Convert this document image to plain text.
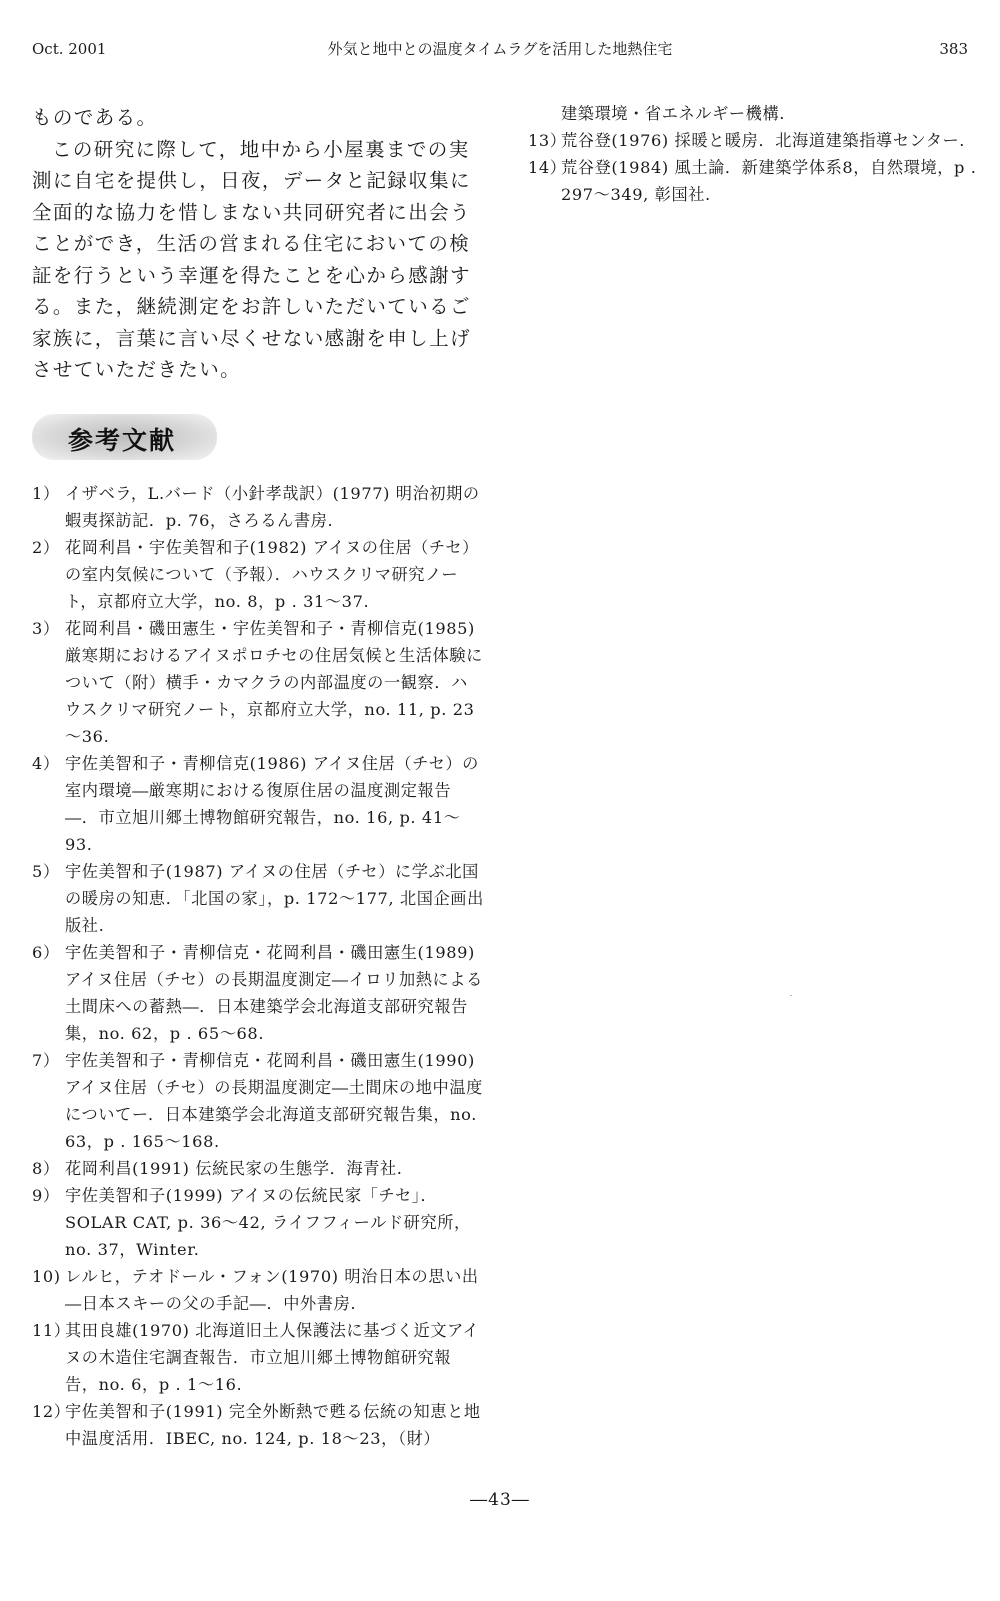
Oct. 2001	外気と地中との温度タイムラグを活用した地熱住宅	383

ものである。

この研究に際して，地中から小屋裏までの実測に自宅を提供し，日夜，データと記録収集に全面的な協力を惜しまない共同研究者に出会うことができ，生活の営まれる住宅においての検証を行うという幸運を得たことを心から感謝する。また，継続測定をお許しいただいているご家族に，言葉に言い尽くせない感謝を申し上げさせていただきたい。

参考文献
1） イザベラ，L.バード（小針孝哉訳）(1977) 明治初期の蝦夷探訪記．p. 76，さろるん書房.
2） 花岡利昌・宇佐美智和子(1982) アイヌの住居（チセ）の室内気候について（予報）．ハウスクリマ研究ノート，京都府立大学，no. 8，p . 31～37.
3） 花岡利昌・磯田憲生・宇佐美智和子・青柳信克(1985) 厳寒期におけるアイヌポロチセの住居気候と生活体験について（附）横手・カマクラの内部温度の一観察．ハウスクリマ研究ノート，京都府立大学，no. 11, p. 23～36.
4） 宇佐美智和子・青柳信克(1986) アイヌ住居（チセ）の室内環境―厳寒期における復原住居の温度測定報告―．市立旭川郷土博物館研究報告，no. 16, p. 41～93.
5） 宇佐美智和子(1987) アイヌの住居（チセ）に学ぶ北国の暖房の知恵．「北国の家」，p. 172～177, 北国企画出版社.
6） 宇佐美智和子・青柳信克・花岡利昌・磯田憲生(1989) アイヌ住居（チセ）の長期温度測定―イロリ加熱による土間床への蓄熱―．日本建築学会北海道支部研究報告集，no. 62，p . 65～68.
7） 宇佐美智和子・青柳信克・花岡利昌・磯田憲生(1990) アイヌ住居（チセ）の長期温度測定―土間床の地中温度についてー．日本建築学会北海道支部研究報告集，no. 63，p . 165～168.
8） 花岡利昌(1991) 伝統民家の生態学．海青社.
9） 宇佐美智和子(1999) アイヌの伝統民家「チセ」．SOLAR CAT, p. 36～42, ライフフィールド研究所，no. 37，Winter.
10) レルヒ，テオドール・フォン(1970) 明治日本の思い出―日本スキーの父の手記―．中外書房.
11）
其田良雄(1970) 北海道旧土人保護法に基づく近文アイヌの木造住宅調査報告．市立旭川郷土博物館研究報告，no. 6，p . 1～16.
12）
宇佐美智和子(1991) 完全外断熱で甦る伝統の知恵と地中温度活用．IBEC, no. 124, p. 18～23，（財）

建築環境・省エネルギー機構.

13）
荒谷登(1976) 採暖と暖房．北海道建築指導センター.
14）
荒谷登(1984) 風土論．新建築学体系8，自然環境，p . 297～349, 彰国社.
―43―
